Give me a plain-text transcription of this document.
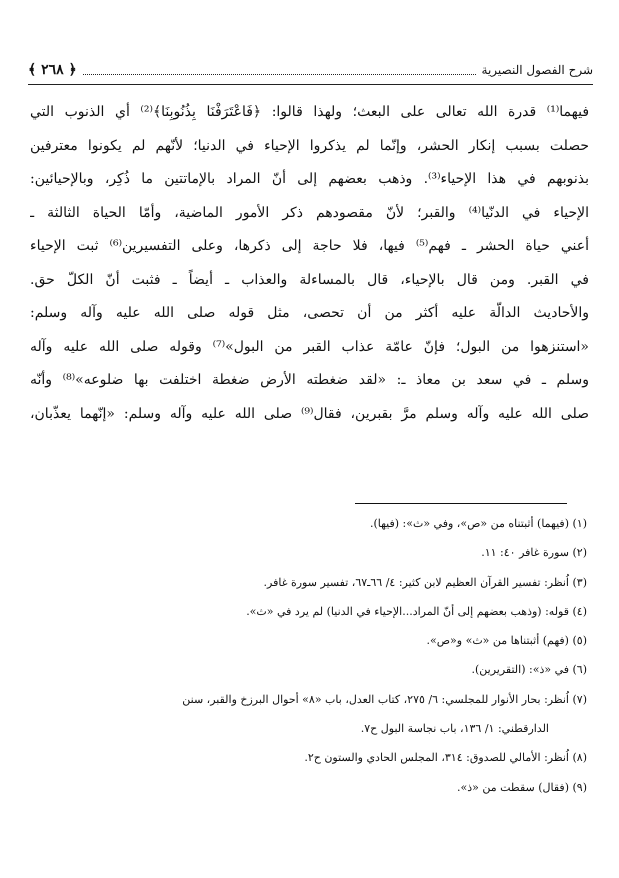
﴾ ٢٦٨ ﴿	شرح الفصول النصيرية
فيهما⁽¹⁾ قدرة الله تعالى على البعث؛ ولهذا قالوا: ﴿فَاعْتَرَفْنَا بِذُنُوبِنَا﴾⁽²⁾ أي الذنوب التي
حصلت بسبب إنكار الحشر، وإنّما لم يذكروا الإحياء في الدنيا؛ لأنّهم لم يكونوا معترفين
بذنوبهم في هذا الإحياء⁽³⁾. وذهب بعضهم إلى أنّ المراد بالإماتتين ما ذُكِر، وبالإحيائين:
الإحياء في الدنّيا⁽⁴⁾ والقبر؛ لأنّ مقصودهم ذكر الأمور الماضية، وأمّا الحياة الثالثة ـ
أعني حياة الحشر ـ فهم⁽⁵⁾ فيها، فلا حاجة إلى ذكرها، وعلى التفسيرين⁽⁶⁾ ثبت الإحياء
في القبر. ومن قال بالإحياء، قال بالمساءلة والعذاب ـ أيضاً ـ فثبت أنّ الكلّ حق.
والأحاديث الدالّة عليه أكثر من أن تحصى، مثل قوله صلى الله عليه وآله وسلم:
«استنزهوا من البول؛ فإنّ عامّة عذاب القبر من البول»⁽⁷⁾ وقوله صلى الله عليه وآله
وسلم ـ في سعد بن معاذ ـ: «لقد ضغطته الأرض ضغطة اختلفت بها ضلوعه»⁽⁸⁾ وأنّه
صلى الله عليه وآله وسلم مرَّ بقبرين، فقال⁽⁹⁾ صلى الله عليه وآله وسلم: «إنّهما يعذّبان،
(١) (فيهما) أثبتناه من «ص»، وفي «ث»: (فيها).
(٢) سورة غافر ٤٠: ١١.
(٣) اُنظر: تفسير القرآن العظيم لابن كثير: ٤/ ٦٦ـ٦٧، تفسير سورة غافر.
(٤) قوله: (وذهب بعضهم إلى أنّ المراد...الإحياء في الدنيا) لم يرد في «ث».
(٥) (فهم) أثبتناها من «ث» و«ص».
(٦) في «ذ»: (التقريرين).
(٧) اُنظر: بحار الأنوار للمجلسي: ٦/ ٢٧٥، كتاب العدل، باب «٨» أحوال البرزخ والقبر، سنن
الدارقطني: ١/ ١٣٦، باب نجاسة البول ح٧.
(٨) اُنظر: الأمالي للصدوق: ٣١٤، المجلس الحادي والستون ح٢.
(٩) (فقال) سقطت من «ذ».
